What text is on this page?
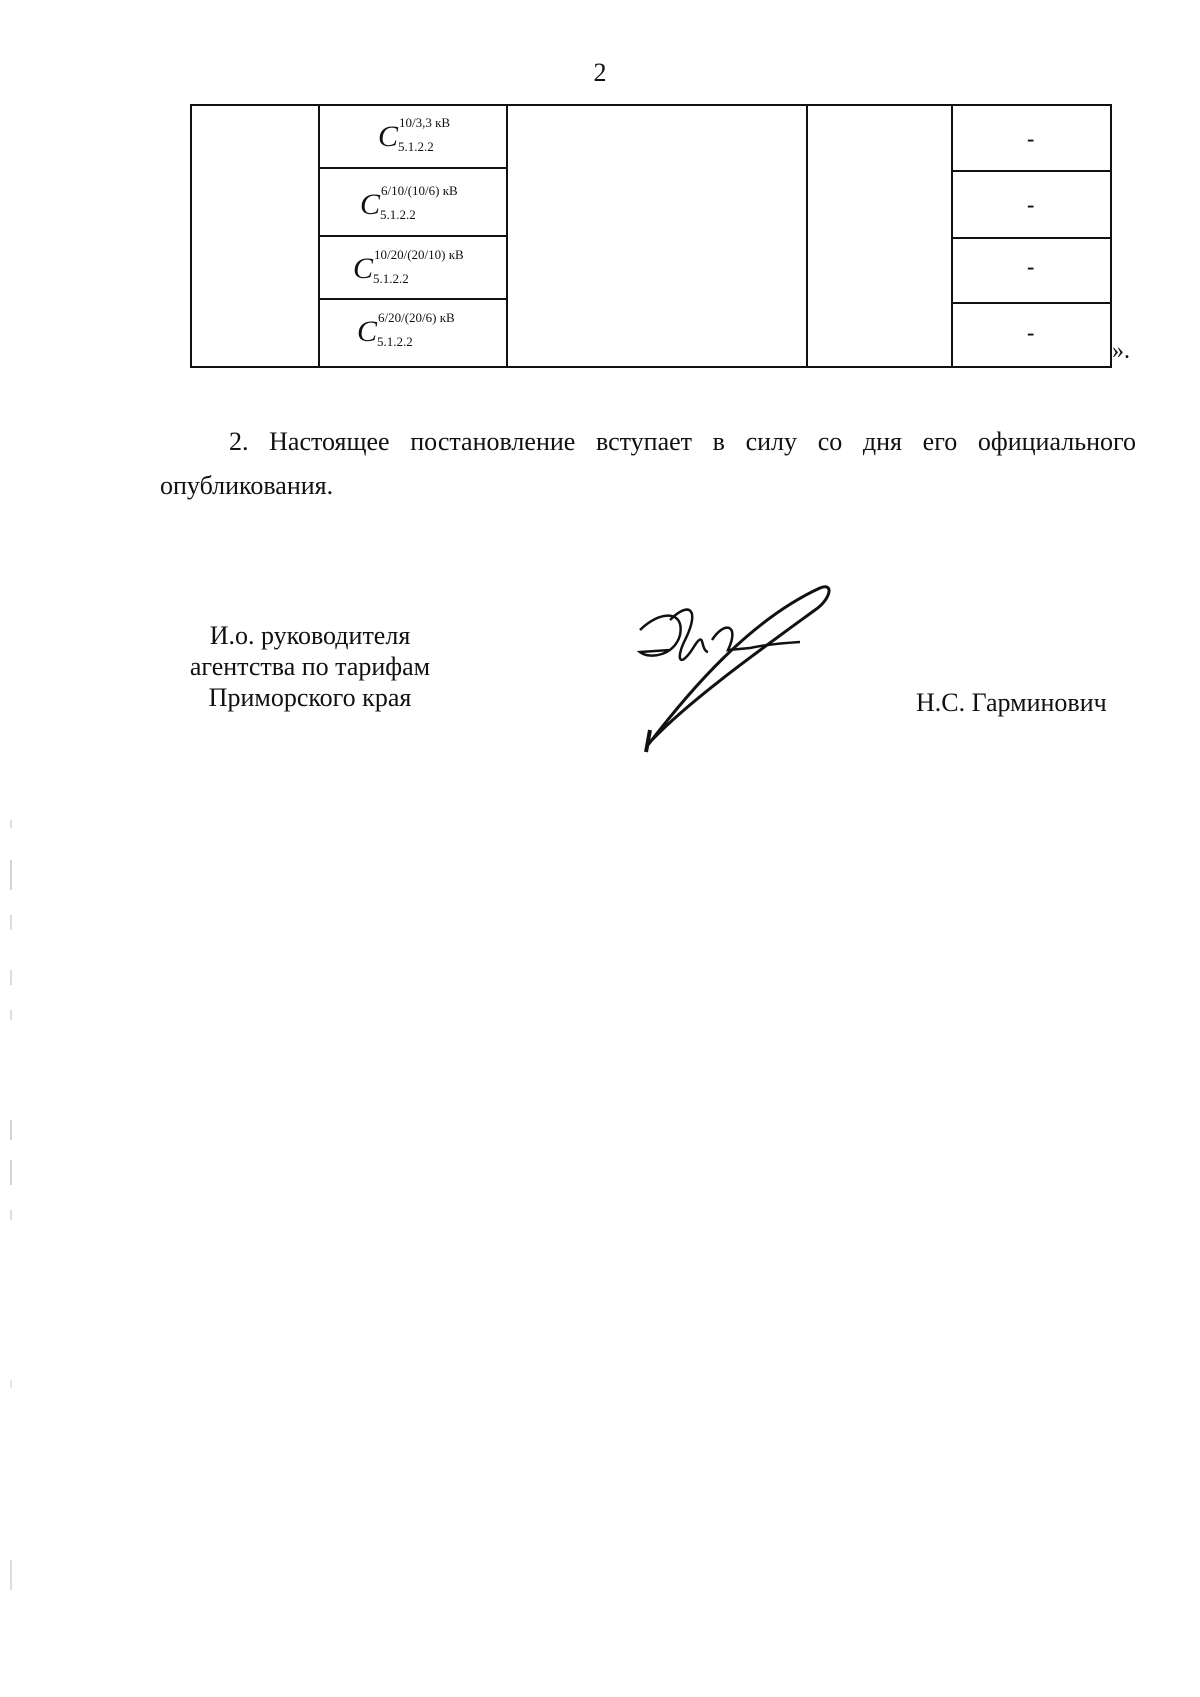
2
C 10/3,3 кВ
5.1.2.2
C 6/10/(10/6) кВ
5.1.2.2
C 10/20/(20/10) кВ
5.1.2.2
C 6/20/(20/6) кВ
5.1.2.2
-
-
-
-
».
2. Настоящее постановление вступает в силу со дня его официального опубликования.
И.о. руководителя
агентства по тарифам
Приморского края	Н.С. Гарминович
